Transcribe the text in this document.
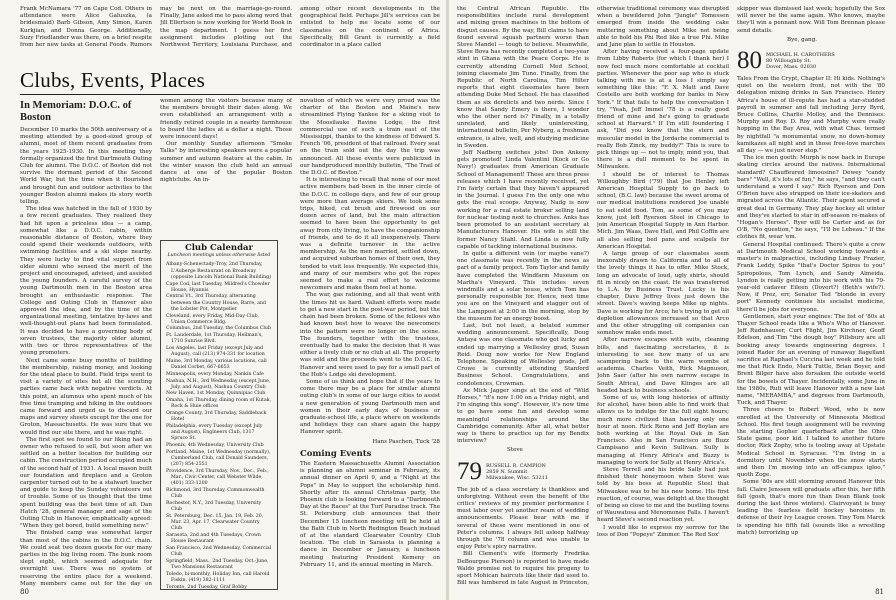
Frank McNamara '77 on Cape Cod. Others in attendance were Alice Galuszka, (a bridesmaid) Barb Gibson, Amy Simon, Karen Kurkjian, and Donna George. Additionally, Suzy Friedlander was there, on a brief respite from her new tasks at General Foods. Rumors

may be next on the marriage-go-round. Finally, Jane asked me to pass along word that Jill Ellertson is now working for World Book in the map department. I guess her first assignment includes plotting out the Northwest Territory, Louisiana Purchase, and

among other recent developments in the geographical field. Perhaps Jill's services can be enlisted to help me locate some of our classmates on the continent of Africa. Specifically, Bill Grant is currently a field coordinator in a place called

Clubs, Events, Places
In Memoriam: D.O.C. of Boston

December 10 marks the 50th anniversary of a meeting attended by a good-sized group of alumni, most of them recent graduates from the years 1925-1930. In this meeting they formally organized the first Dartmouth Outing Club for alumni. The D.O.C. of Boston did not survive the dormant period of the Second World War, but the time when it flourished and brought fun and outdoor activities to the younger Boston alumni makes its story worth telling.

The idea was hatched in the fall of 1930 by a few recent graduates. They realized they had hit upon a priceless idea — a camp, somewhat like a D.O.C. cabin, within reasonable distance of Boston, where they could spend their weekends outdoors, with swimming facilities and a ski slope nearby. They were lucky to find vital support from older alumni who sensed the merit of the project and encouraged, advised, and assisted the young founders. A careful survey of the young Dartmouth men in the Boston area brought an enthusiastic response. The College and Outing Club in Hanover also approved the idea, and by the time of the organizational meeting, tentative by-laws and well-thought-out plans had been formulated. It was decided to have a governing body of seven trustees, the majority older alumni, with two or three representatives of the young promoters.

Next came some busy months of building the membership, raising money, and looking for the ideal place to build. Field trips went to visit a variety of sites but all the scouting parties came back with negative verdicts. At this point, an alumnus who spent much of his free time tramping and hiking in the outdoors came forward and urged us to discard our maps and survey sheets except for the one for Groton, Massachusetts. He was sure that we would find our site there, and he was right.

The first spot we found to our liking had an owner who refused to sell, but soon after we settled on a better location for building our cabin. The construction period occupied much of the second half of 1931. A local mason built our foundation and fireplace and a Groton carpenter turned out to be a stalwart teacher and guide to keep the Sunday volunteers out of trouble. Some of us thought that the time spent building was the best time of all. Dan Hatch '28, general manager and sage of the Outing Club in Hanover, emphatically agreed: "When they get bored, build something new."

The finished camp was somewhat larger than most of the cabins in the D.O.C. chain. We could seat two dozen guests for our many parties in the big living room. The bunk room slept eight, which seemed adequate for overnight use. There was no system of reserving the entire place for a weekend. Many members came out for the day on

women among the visitors because many of the members brought their dates along. We even established an arrangement with a friendly retired couple in a nearby farmhouse to board the ladies at a dollar a night. Those were innocent days!

Our monthly Sunday afternoon "Smoke Talks" by interesting speakers were a popular summer and autumn feature at the cabin. In the winter season the club held an annual dance at one of the popular Boston nightclubs. An in-

Club Calendar
Luncheon meetings unless otherwise listed
Albany-Schenectady-Troy, 2nd Thursday, L'Auberge Restaurant on Broadway (opposite Lincoln National Bank Building)
Cape Cod, last Tuesday, Mildred's Chowder House, Hyannis
Central Vt., 3rd Thursday, alternating between the Country House, Barre, and the Lobster Pot, Montpelier
Cleveland, every Friday, Mid-Day Club, Union Commerce Bldg.
Columbus, 2nd Tuesday, the Columbus Club
Ft. Lauderdale, 1st Thursday, Heilman's, 1710 Sunrise Blvd.
Los Angeles, last Friday (except July and August), call (213) 974-331 for location
Maine, 3rd Monday, various locations, call Daniel Corbet, 667-6653
Minneapolis, every Monday, Nankin Cafe
Nashua, N.H., 3rd Wednesday (except June, July, and August), Nashua Country Club
New Haven, 1st Monday, Quinnipiac Club
Omaha, 1st Thursday, dining room of Kutak, Rock & Huie offices
Orange County, 3rd Thursday, Saddleback Hotel
Philadelphia, every Tuesday (except July and August), Engineers Club, 1317 Spruce St.
Phoenix, 4th Wednesday, University Club
Portland, Maine, 1st Wednesday (normally), Cumberland Club, call Donald Saunders, (207) 854-2551
Providence, 3rd Thursday, Nov., Dec., Feb., Mar., Civic Center, call Webster Wilde, (401) 333-1200
Richmond, 3rd Thursday, Commonwealth Club
Rochester, N.Y., 3rd Tuesday, University Club
St. Petersburg, Dec. 15, Jan. 19, Feb. 20, Mar. 23, Apr. 17, Clearwater Country Club
Sarasota, 2nd and 4th Tuesdays, Crown House Restaurant
San Francisco, 2nd Wednesday, Commercial Club
Springfield, Mass., 2nd Tuesday, Oct.-June, Two Mansions Restaurant
Toledo, bi-monthly, Holiday Inn, call Harold Fiskin, (419) 382-1111
Toronto, 2nd Tuesday, Graf Bobby

novation of which we were very proud was the charter of the Boston and Maine's new streamlined Flying Yankee for a skiing visit to the Moosilauke Ravine Lodge, the first commercial use of such a train east of the Mississippi, thanks to the kindness of Edward S. French '06, president of that railroad. Every seat on the train sold out the day the trip was announced. All these events were publicized in our handproduced monthly bulletin, "The Trail of the D.O.C. of Boston."

It is interesting to recall that none of our most active members had been in the inner circle of the D.O.C. in college days, and few of our group were more than average skiers. We took some trips, hiked, cut brush and firewood on our dozen acres of land, but the main attraction seemed to have been the opportunity to get away from city living, to have the companionship of friends, and to do it all inexpensively. There was a definite turnover in the active membership. As the men married, settled down, and acquired suburban homes of their own, they tended to visit less frequently. We expected this, and many of our members who got the ropes seemed to make a real effort to welcome newcomers and make them feel at home.

The war, gas rationing, and all that went with the times hit us hard. Valiant efforts were made to get a new start in the post-war period, but the chain had been broken. Some of the fellows who had known best how to weave the newcomers into the pattern were no longer on the scene. The founders, together with the trustees, eventually had to make the decision that it was either a lively club or no club at all. The property was sold and the proceeds went to the D.O.C. in Hanover and were used to pay for a small part of the Hob's Lodge ski development.

Some of us think and hope that if the years to come there may be a place for similar alumni outing club's in some of our large cities to assist a new generation of young Dartmouth men and women in their early days of business or graduate-school life, a place where on weekends and holidays they can share again the happy Hanover spirit.

Hans Paschen, Tuck '28
Coming Events

The Eastern Massachusetts Alumni Association is planning an alumni seminar in February, its annual dinner on April 9, and a "Night at the Pops" in May to support the scholarship fund. Shortly after its annual Christmas party, the Phoenix club is looking forward to a "Dartmouth Day at the Races" at the Turf Paradise track. The St. Petersburg club announces that their December 15 luncheon meeting will be held at the Bath Club in North Redington Beach instead of at the standard Clearwater Country Club location. The club in Sarasota is planning a dance in December or January, a luncheon meeting featuring President Kemeny on February 11, and its annual meeting in March.

80

the Central African Republic. His responsibilities include rural development and mixing green machines in the bottom of disgust causes. By the way, Bill claims to have found several squash partners worse than Steve Mandel — tough to believe. Meanwhile, Steve Bova has recently completed a two-year stint in Ghana with the Peace Corps. He is currently attending Cornell Med School, joining classmate Jim Tuno. Finally, from the Republic of North Carolina, Tim Hilter reports that eight classmates have been attending Duke Med School. He has classified them as six derelicts and two nerds. Since I know that Sandy Emery is there, I wonder who the other nerd is? Finally, in a totally unrelated, and likely uninteresting, international bulletin, Per Nyberg, a freshman entrance, is alive, well, and studying medicine in Sweden.

Jeff Nadberg switches jobs! Don Ankeny gets promoted! Linda Valentini (Kock or Go Navy!) graduates from American Graduate School of Management! These are three press releases which I have recently received, yet I'm fairly certain that they haven't appeared in the Journal. I guess I'm the only one who gets the real scoops. Anyway, Nadg is now working for a real estate broker selling land for nuclear testing next to churches. Anks has been promoted to an assistant secretary at Manufacturers Hanover. His wife is still the former Nancy Stahl. And Linda is now fully capable of tackling international business.

In quite a different vein (or maybe vane?) one classmate was recently in the news as part of a family project. Tom Taylor and family have completed the Windfarm Museum on Martha's Vineyard. This includes seven windmills and a solar house, which Tom has personally responsible for. Hence, next time you are on the Vineyard and stagger out of the Lamppost at 2:00 in the morning, stop by the museum for an energy boost.

Last, but not least, a belated summer wedding announcement. Specifically, Doug Antaya was one classmate who got lucky and ended up marrying a Wellesley grad, Susan Reid. Doug now works for New England Telephone. Speaking of Wellesley grads, Jeff Crowe is currently attending Stanford Business School. Congratulations, and condolences, Crowman.

As Mick Jagger sings at the end of "Wild Horses," "it's now 1:00 on a Friday night, and I'm singing this song". However, it's now time to go have some fun and develop some meaningful relationships around the Cambridge community. After all, what better way is there to practice up for my Bendix interview?

Steve
79 RUSSELL R. CAMPION
2859 N. Summit
Milwaukee, Wisc. 53211

The job of a class secretary is thankless and unforgiving. Without even the benefit of the critics' reviews of my premier performance I must labor over yet another ream of wedding announcements. Please bear with me if several of these were mentioned in one of Peter's columns. I always fell asleep halfway through the '78 column and was unable to enjoy Pete's spicy narrative.

Bill Clement's wife (formerly Fredrika DeBourgue Pierson) is reported to have made Waldo promise not to require his progeny to sport Mohican haircuts like their dad used to. Bill was lumbered in late August in Princeton,

otherwise traditional ceremony was disrupted when a bewildered John "Jungle" Tomessen emerged from inside the wedding cake muttering something about Mike not being able to hold his Phi Red like a true Phi. Mike and Jane plan to settle in Houston.

After having received a four-page update from Libby Roberts (for which I thank her) I now feel much more comfortable at cocktail parties. Whenever the poor sap who is stuck talking with me is at a loss I simply say something like this: "F. X. Matt and Dave Costello are both working for banks in New York." If that fails to help the conversation I try, "Yeah, Jeff Immel '78 is a really good friend of mine and he's going to graduate school at Harvard." If I'm still foundering I ask, "Did you know that the stern and muscular model in the Jordache commercial is really Bob Zinck, my buddy?" This is sure to pick things up — not to imply, mind you, that there is a dull moment to be spent in Milwaukee.

I should be of interest to Thomas Willoughby Bird ('79) that Joe Henley left American Hospital Supply to go back to school, (B.C. law) because the sweet aroma of our medical institutions rendered Joe unable to eat solid food. Tom, as some of you may know, just left Ryerson Steel in Chicago to join American Hospital Supply in Ann Harbor. Mich. Jim Waas, Dave Hall, and Phil Coffin are all also selling bed pans and scalpels for American Hospital.

A large group of our classmates seem inexorably drawn to California and to all of the lovely things it has to offer. Mike Stock, long an advocate of loud, ugly shirts, should fit in nicely on the coast. He was transferred to L.A. by Business Trust. Lucky is his chapter, Dave Jeffrey lives just down the street. Dave's waving keeps Mike up nights. Dave is working for Arco; he's trying to get oil depletion allowances increased so that Arco and the other struggling oil companies can somehow make ends meet.

After narrow escapes with suits, cleaning bills, and fascinating secretaries, it is interesting to see how many of us are scampering back to the warm wombs of academia. Charles Veith, Rick Magnuson, John Saer (after his own narrow escape in South Africa), and Dave Klinges are all headed back to business schools.

Some of us, with long histories of affinity for alcohol, have been able to find work that allows us to indulge for the full eight hours; much more civilized than having only one hour at noon. Rick Reno and Jeff Boylan are both working at the Royal Oak in San Francisco. Also in San Francisco are Buzz Campisano and Kevin Sullivan. Sully is managing at Henry Africa's and Buzzy is managing to work for Sully at Henry Africa's.

Steve Terrell and his bride Sally had just finished their honeymoon when Steve was told by his boss at Republic Steel that Milwaukee was to be his new home. His first reaction, of course, was delight at the thought of being so close to me and the bustling towns of Wauwatosa and Menomonee Falls. I haven't heard Steve's second reaction yet.

I would like to express my sorrow for the loss of Don "Popeye" Zimmer. The Red Sox'

skipper was dismissed last week; hopefully the Sox will never be the same again. Who knows, maybe they'll win a pennant now. Will Tom Brennan please send details.

Bye, gang.
80 MICHAEL H. CAROTHERS
80 Willoughby St.
Dover, Mass. 02030

Tales From the Crypt, Chapter II: Hi kids. Nothing's quiet on the western front, not with the '80 delegation mixing drinks in San Francisco. Henry Africa's house of ill-repute has had a star-studded payroll in summer and fall including Jerry Byrd, Bruce Collins, Charlie Molloy, and the Dennises: Murphy and Roy. D. Roy and Murphy were really hopping in the Bay Area, with what Chas. termed by nightfall "a monumental snow, no down-homey kamikazes all night and in those free-love marches all day — we just never stop."

The ice men goeth: Murph is now back in Europe skating circles around the natives. International standard? Chauffeured limousine? Dewey "candy bars" "Well, it's lots of fun," he says, "and they can't understand a word I say." Rich Ryerson and Don O'Brien have also strapped on their ice-skaters and migrated across the Atlantic. Their agent secured a great deal in Germany. They play hockey all winter and they've started to star in off-season re-makes of "Hogan's Heroes". Ryer will be Carter and as for O'B, "No question," he says, "I'll be Lebeau." If the clothes fit, wear 'em.

General Hospital continued: There's quite a crew at Dartmouth Medical School working towards a master's in malpractice, including Lindsay Frazier, Frank Leddy, Spike "that's Doctor Spiros to you" Spiropolous, Tom Lynch, and Sandy Almeida. Lyndon is really getting into his work with his 79-year-old cadaver Eileen (Dovert?) (Beth's wife?). Now, if Prez, err, Senator Ted "blonde in every port" Kennedy continues his socialist medicine, there'll be jobs for everyone.

Gentlemen, start your engines: The list of '80s at Thayer School reads like a Who's Who of Hanover. Jeff Rudnhauser, Curt Flight, Jim Kirchner, Geoff Edelson, and Tim "the dough boy" Pillsbury are all booking away towards engineering degrees. I joined Rader for an evening of runaway flagellant sacrifice at Raphael's Cuccina last week and he told me that Rick Endo, Mark Tuttle, Brian Boyer, and Brent Bilger have also forsaken the outside world for the bowels of Thayer. Incidentally, some June in the 1980s, Ruti will leave Hanover with a new last name, "MERAMBA," and degrees from Dartmouth, Tuck, and Thayer.

Three cheers to Robert Wood, who is now enrolled at the University of Minnesota Medical School. His first tough assignment will be reviving the starting Gopher quarterback after the Ohio State game, poor kid. I talked to another future doctor, Rick Zophy, who is tooling away at Upstate Medical School in Syracuse. "I'm living in a dormitory until November when the snow starts and then I'm moving into an off-campus igloo," quoth Zoge.

Some '80s are still storming around Hanover this fall. Claire Jenssen will graduate after this, her fifth fall (gosh, that's more fun than Dean Blank took during the last three winters). Clairvoyant is busy leading the fearless field hockey heroines in defense of their Ivy League crown. Tiny Tom Marck is spending his fifth fall (sounds like a wrestling match) terrorizing up

81
